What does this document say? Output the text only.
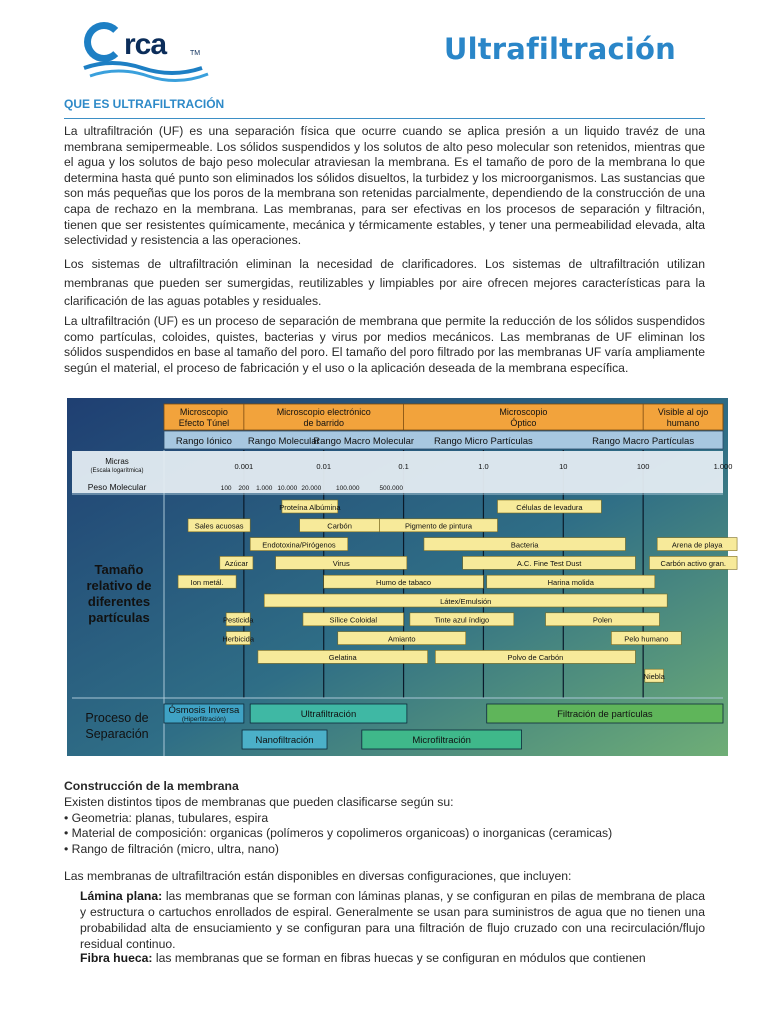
rca	TM	Ultrafiltración
QUE ES ULTRAFILTRACIÓN
La ultrafiltración (UF) es una separación física que ocurre cuando se aplica presión a un liquido travéz de una membrana semipermeable. Los sólidos suspendidos y los solutos de alto peso molecular son retenidos, mientras que el agua y los solutos de bajo peso molecular atraviesan la membrana. Es el tamaño de poro de la membrana lo que determina hasta qué punto son eliminados los sólidos disueltos, la turbidez y los microorganismos. Las sustancias que son más pequeñas que los poros de la membrana son retenidas parcialmente, dependiendo de la construcción de una capa de rechazo en la membrana. Las membranas, para ser efectivas en los procesos de separación y filtración, tienen que ser resistentes químicamente, mecánica y térmicamente estables, y tener una permeabilidad elevada, alta selectividad y resistencia a las operaciones.
Los sistemas de ultrafiltración eliminan la necesidad de clarificadores. Los sistemas de ultrafiltración utilizan membranas que pueden ser sumergidas, reutilizables y limpiables por aire ofrecen mejores características para la clarificación de las aguas potables y residuales.
La ultrafiltración (UF) es un proceso de separación de membrana que permite la reducción de los sólidos suspendidos como partículas, coloides, quistes, bacterias y virus por medios mecánicos. Las membranas de UF eliminan los sólidos suspendidos en base al tamaño del poro. El tamaño del poro filtrado por las membranas UF varía ampliamente según el material, el proceso de fabricación y el uso o la aplicación deseada de la membrana específica.
Microscopio
Efecto Túnel
Microscopio electrónico
de barrido
Microscopio
Óptico
Visible al ojo
humano
Rango Iónico Rango Molecular
Rango Macro Molecular Rango Micro Partículas	Rango Macro Partículas
Micras
(Escala logarítmica)	0.001	0.01	0.1	1.0	10	100	1.000
Peso Molecular	100 200 1.000 10.000 20.000 100.000	500.000
Tamaño
relativo de
diferentes
partículas
Proceso de
Separación
Proteína Albúmina	Células de levadura
Sales acuosas	Carbón	Pigmento de pintura
Endotoxina/Pirógenos	Bacteria	Arena de playa
Azúcar	Virus	A.C. Fine Test Dust	Carbón activo gran.
Ion metál.	Humo de tabaco	Harina molida
Látex/Emulsión
Pesticida	Sílice Coloidal	Tinte azul índigo	Polen
Herbicida	Amianto	Pelo humano
Gelatina	Polvo de Carbón
Niebla
Ósmosis Inversa
(Hiperfiltración)	Ultrafiltración	Filtración de partículas
Nanofiltración	Microfiltración
Construcción de la membrana
Existen distintos tipos de membranas que pueden clasificarse según su:
• Geometria: planas, tubulares, espira
• Material de composición: organicas (polímeros y copolimeros organicoas) o inorganicas (ceramicas)
• Rango de filtración (micro, ultra, nano)
Las membranas de ultrafiltración están disponibles en diversas configuraciones, que incluyen:
Lámina plana: las membranas que se forman con láminas planas, y se configuran en pilas de membrana de placa y estructura o cartuchos enrollados de espiral. Generalmente se usan para suministros de agua que no tienen una probabilidad alta de ensuciamiento y se configuran para una filtración de flujo cruzado con una recirculación/flujo residual continuo.
Fibra hueca: las membranas que se forman en fibras huecas y se configuran en módulos que contienen
